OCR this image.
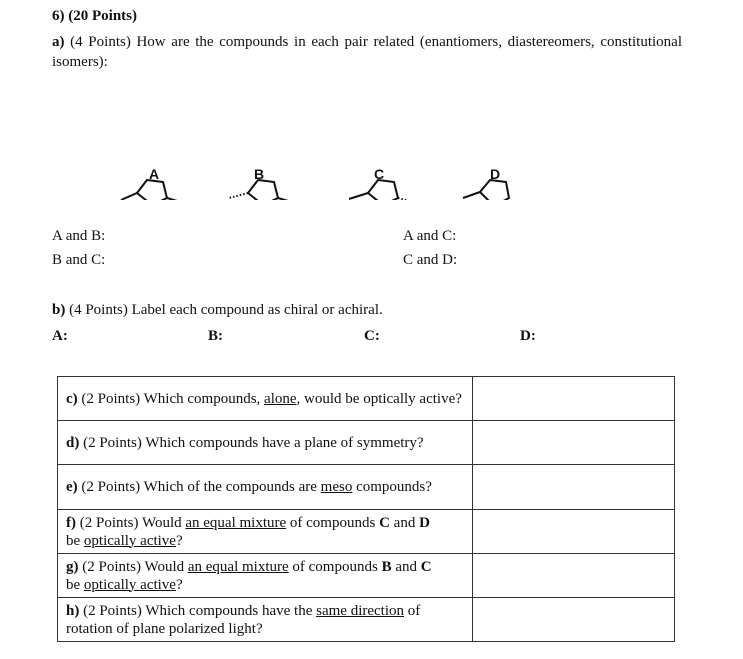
6) (20 Points)
a) (4 Points) How are the compounds in each pair related (enantiomers, diastereomers, constitutional isomers):
A	B	C	D
A and B:
B and C:
A and C:
C and D:
b) (4 Points) Label each compound as chiral or achiral.
A:	B:	C:	D:
c) (2 Points) Which compounds, alone, would be optically active?	
d) (2 Points) Which compounds have a plane of symmetry?	
e) (2 Points) Which of the compounds are meso compounds?	
f) (2 Points) Would an equal mixture of compounds C and D
be optically active?	
g) (2 Points) Would an equal mixture of compounds B and C
be optically active?	
h) (2 Points) Which compounds have the same direction of rotation of plane polarized light?	
